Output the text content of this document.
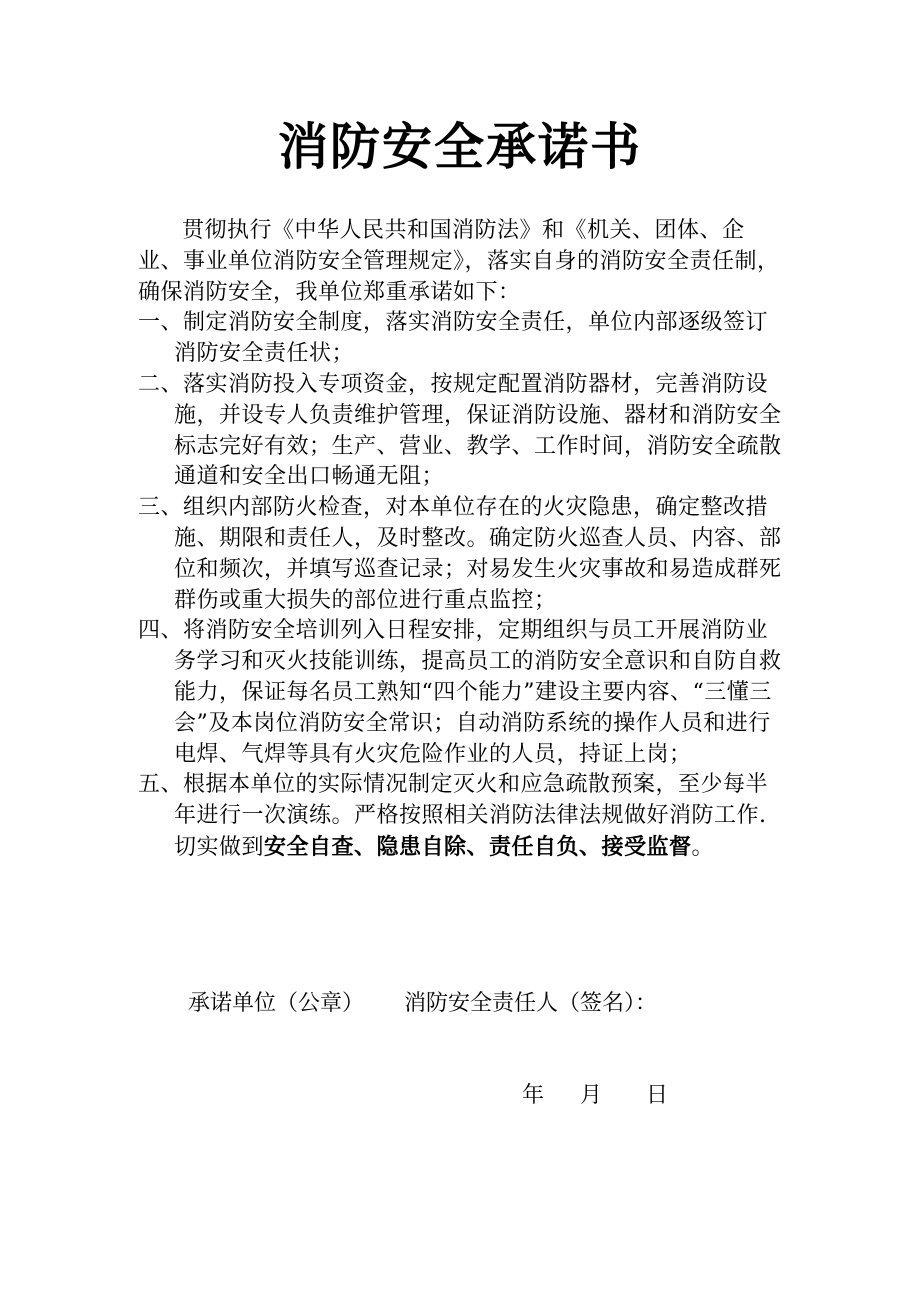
消防安全承诺书

贯彻执行《中华人民共和国消防法》和《机关、团体、企业、事业单位消防安全管理规定》，落实自身的消防安全责任制，确保消防安全，我单位郑重承诺如下：

一、制定消防安全制度，落实消防安全责任，单位内部逐级签订消防安全责任状；

二、落实消防投入专项资金，按规定配置消防器材，完善消防设施，并设专人负责维护管理，保证消防设施、器材和消防安全标志完好有效；生产、营业、教学、工作时间，消防安全疏散通道和安全出口畅通无阻；

三、组织内部防火检查，对本单位存在的火灾隐患，确定整改措施、期限和责任人，及时整改。确定防火巡查人员、内容、部位和频次，并填写巡查记录；对易发生火灾事故和易造成群死群伤或重大损失的部位进行重点监控；

四、将消防安全培训列入日程安排，定期组织与员工开展消防业务学习和灭火技能训练，提高员工的消防安全意识和自防自救能力，保证每名员工熟知“四个能力”建设主要内容、“三懂三会”及本岗位消防安全常识；自动消防系统的操作人员和进行电焊、气焊等具有火灾危险作业的人员，持证上岗；

五、根据本单位的实际情况制定灭火和应急疏散预案，至少每半年进行一次演练。严格按照相关消防法律法规做好消防工作.切实做到安全自查、隐患自除、责任自负、接受监督。

承诺单位（公章） 消防安全责任人（签名）：
年 月 日
